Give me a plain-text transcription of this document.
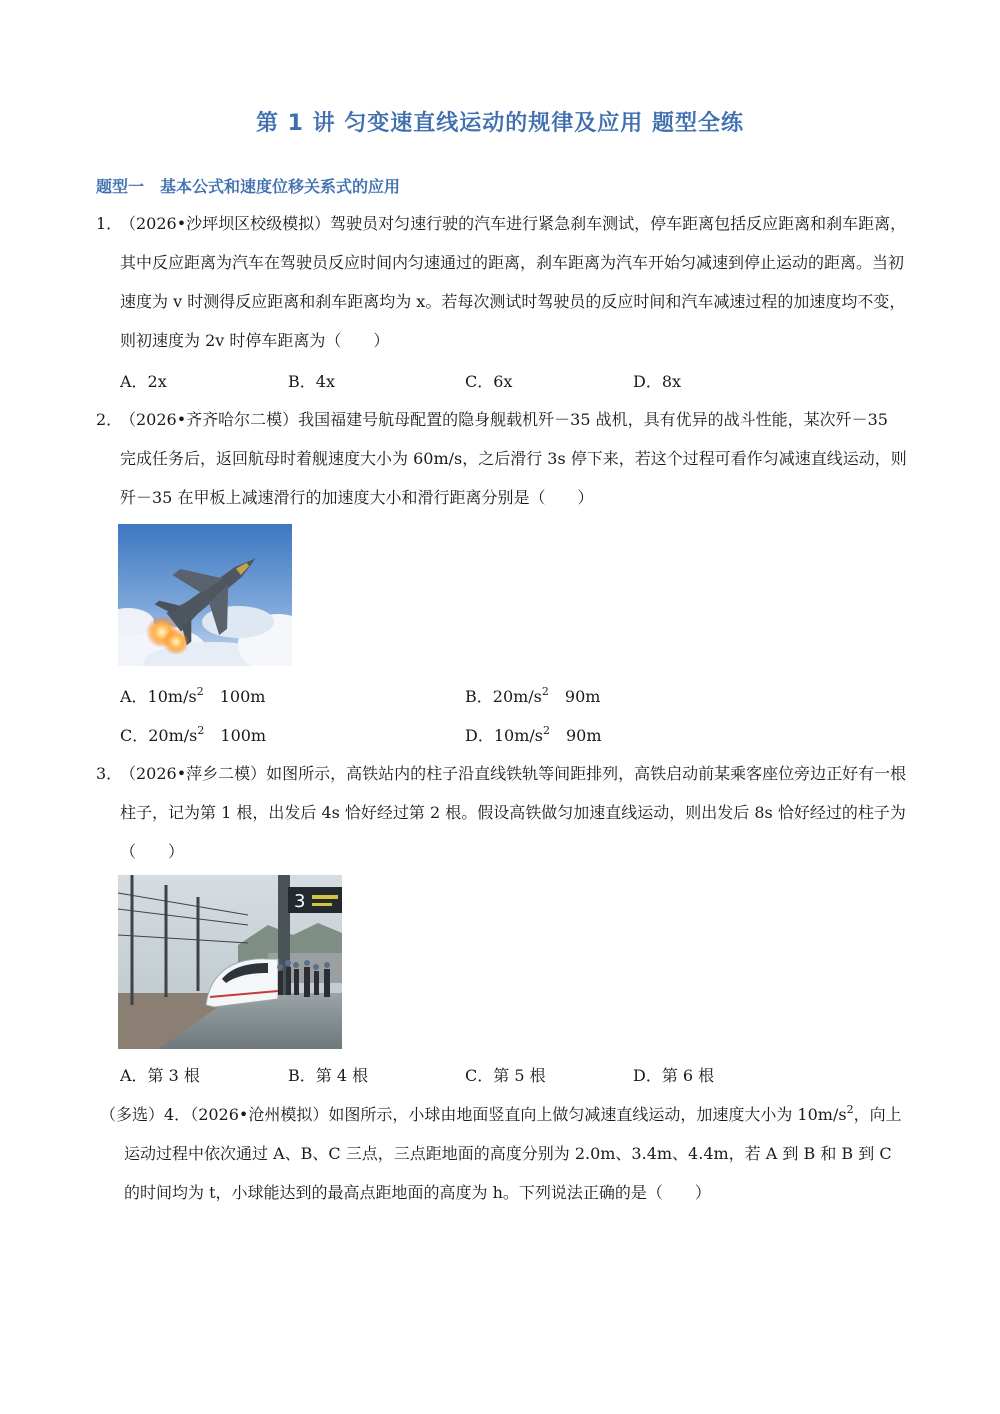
第 1 讲 匀变速直线运动的规律及应用 题型全练
题型一　基本公式和速度位移关系式的应用
1．
（2026•沙坪坝区校级模拟）驾驶员对匀速行驶的汽车进行紧急刹车测试，停车距离包括反应距离和刹车距离，其中反应距离为汽车在驾驶员反应时间内匀速通过的距离，刹车距离为汽车开始匀减速到停止运动的距离。当初速度为 v 时测得反应距离和刹车距离均为 x。若每次测试时驾驶员的反应时间和汽车减速过程的加速度均不变，则初速度为 2v 时停车距离为（　　）
A．2x	B．4x	C．6x	D．8x
2．
（2026•齐齐哈尔二模）我国福建号航母配置的隐身舰载机歼－35 战机，具有优异的战斗性能，某次歼－35 完成任务后，返回航母时着舰速度大小为 60m/s，之后滑行 3s 停下来，若这个过程可看作匀减速直线运动，则歼－35 在甲板上减速滑行的加速度大小和滑行距离分别是（　　）
A．$10m/s^2$　100m	B．$20m/s^2$　90m
C．$20m/s^2$　100m	D．$10m/s^2$　90m
3．
（2026•萍乡二模）如图所示，高铁站内的柱子沿直线铁轨等间距排列，高铁启动前某乘客座位旁边正好有一根柱子，记为第 1 根，出发后 4s 恰好经过第 2 根。假设高铁做匀加速直线运动，则出发后 8s 恰好经过的柱子为（　　）
3
A．第 3 根	B．第 4 根	C．第 5 根	D．第 6 根
（多选）4．（2026•沧州模拟）如图所示，小球由地面竖直向上做匀减速直线运动，加速度大小为 $10m/s^2$，向上运动过程中依次通过 A、B、C 三点，三点距地面的高度分别为 2.0m、3.4m、4.4m，若 A 到 B 和 B 到 C 的时间均为 t，小球能达到的最高点距地面的高度为 h。下列说法正确的是（　　）
